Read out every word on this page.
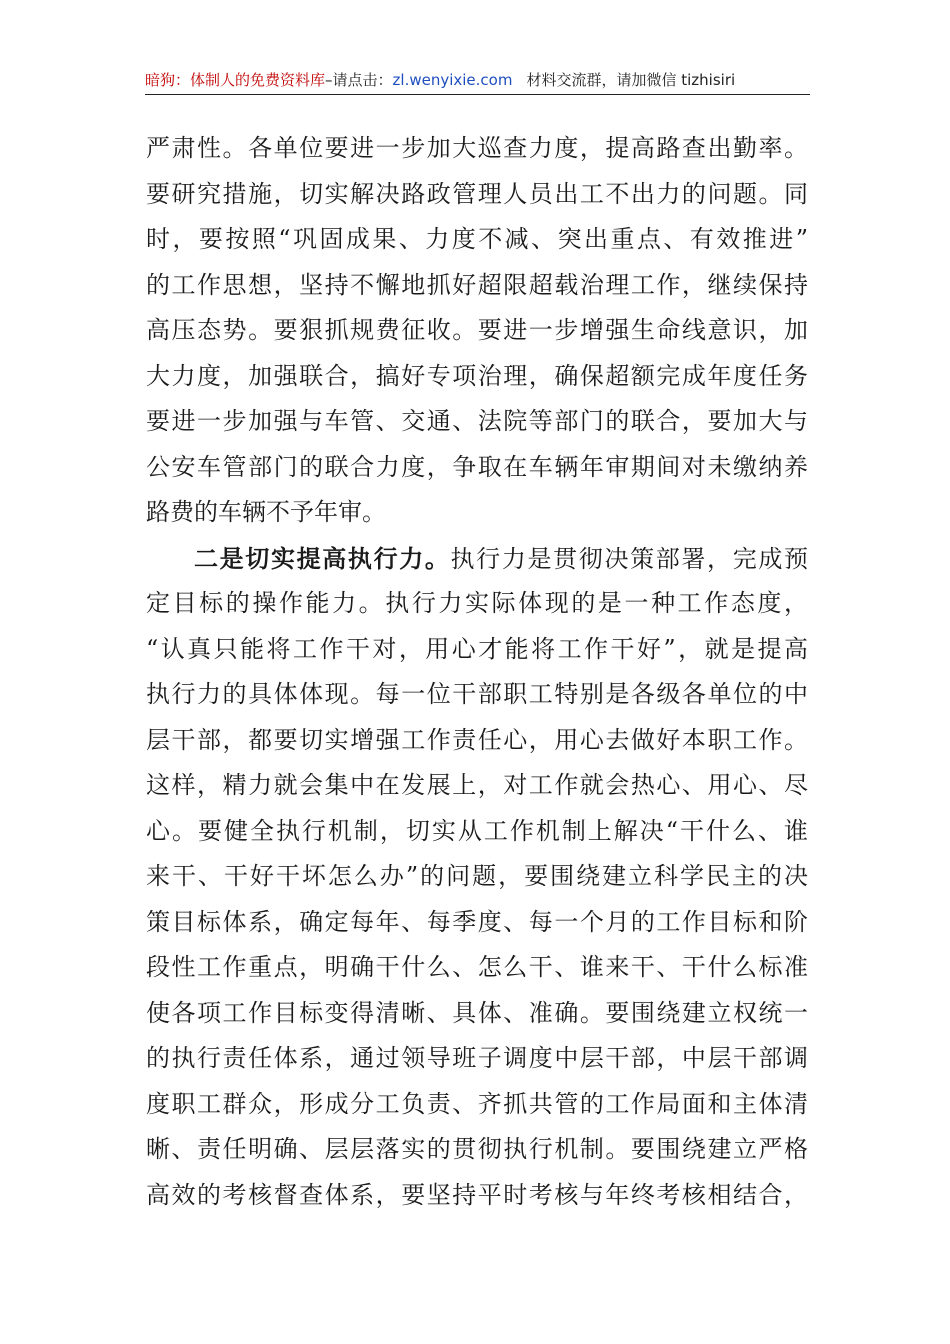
暗狗：体制人的免费资料库–请点击：zl.wenyixie.com 材料交流群，请加微信 tizhisiri
严肃性。各单位要进一步加大巡查力度，提高路查出勤率。
要研究措施，切实解决路政管理人员出工不出力的问题。同
时，要按照“巩固成果、力度不减、突出重点、有效推进”
的工作思想，坚持不懈地抓好超限超载治理工作，继续保持
高压态势。要狠抓规费征收。要进一步增强生命线意识，加
大力度，加强联合，搞好专项治理，确保超额完成年度任务
要进一步加强与车管、交通、法院等部门的联合，要加大与
公安车管部门的联合力度，争取在车辆年审期间对未缴纳养
路费的车辆不予年审。
二是切实提高执行力。执行力是贯彻决策部署，完成预
定目标的操作能力。执行力实际体现的是一种工作态度，
“认真只能将工作干对，用心才能将工作干好”，就是提高
执行力的具体体现。每一位干部职工特别是各级各单位的中
层干部，都要切实增强工作责任心，用心去做好本职工作。
这样，精力就会集中在发展上，对工作就会热心、用心、尽
心。要健全执行机制，切实从工作机制上解决“干什么、谁
来干、干好干坏怎么办”的问题，要围绕建立科学民主的决
策目标体系，确定每年、每季度、每一个月的工作目标和阶
段性工作重点，明确干什么、怎么干、谁来干、干什么标准
使各项工作目标变得清晰、具体、准确。要围绕建立权统一
的执行责任体系，通过领导班子调度中层干部，中层干部调
度职工群众，形成分工负责、齐抓共管的工作局面和主体清
晰、责任明确、层层落实的贯彻执行机制。要围绕建立严格
高效的考核督查体系，要坚持平时考核与年终考核相结合，
